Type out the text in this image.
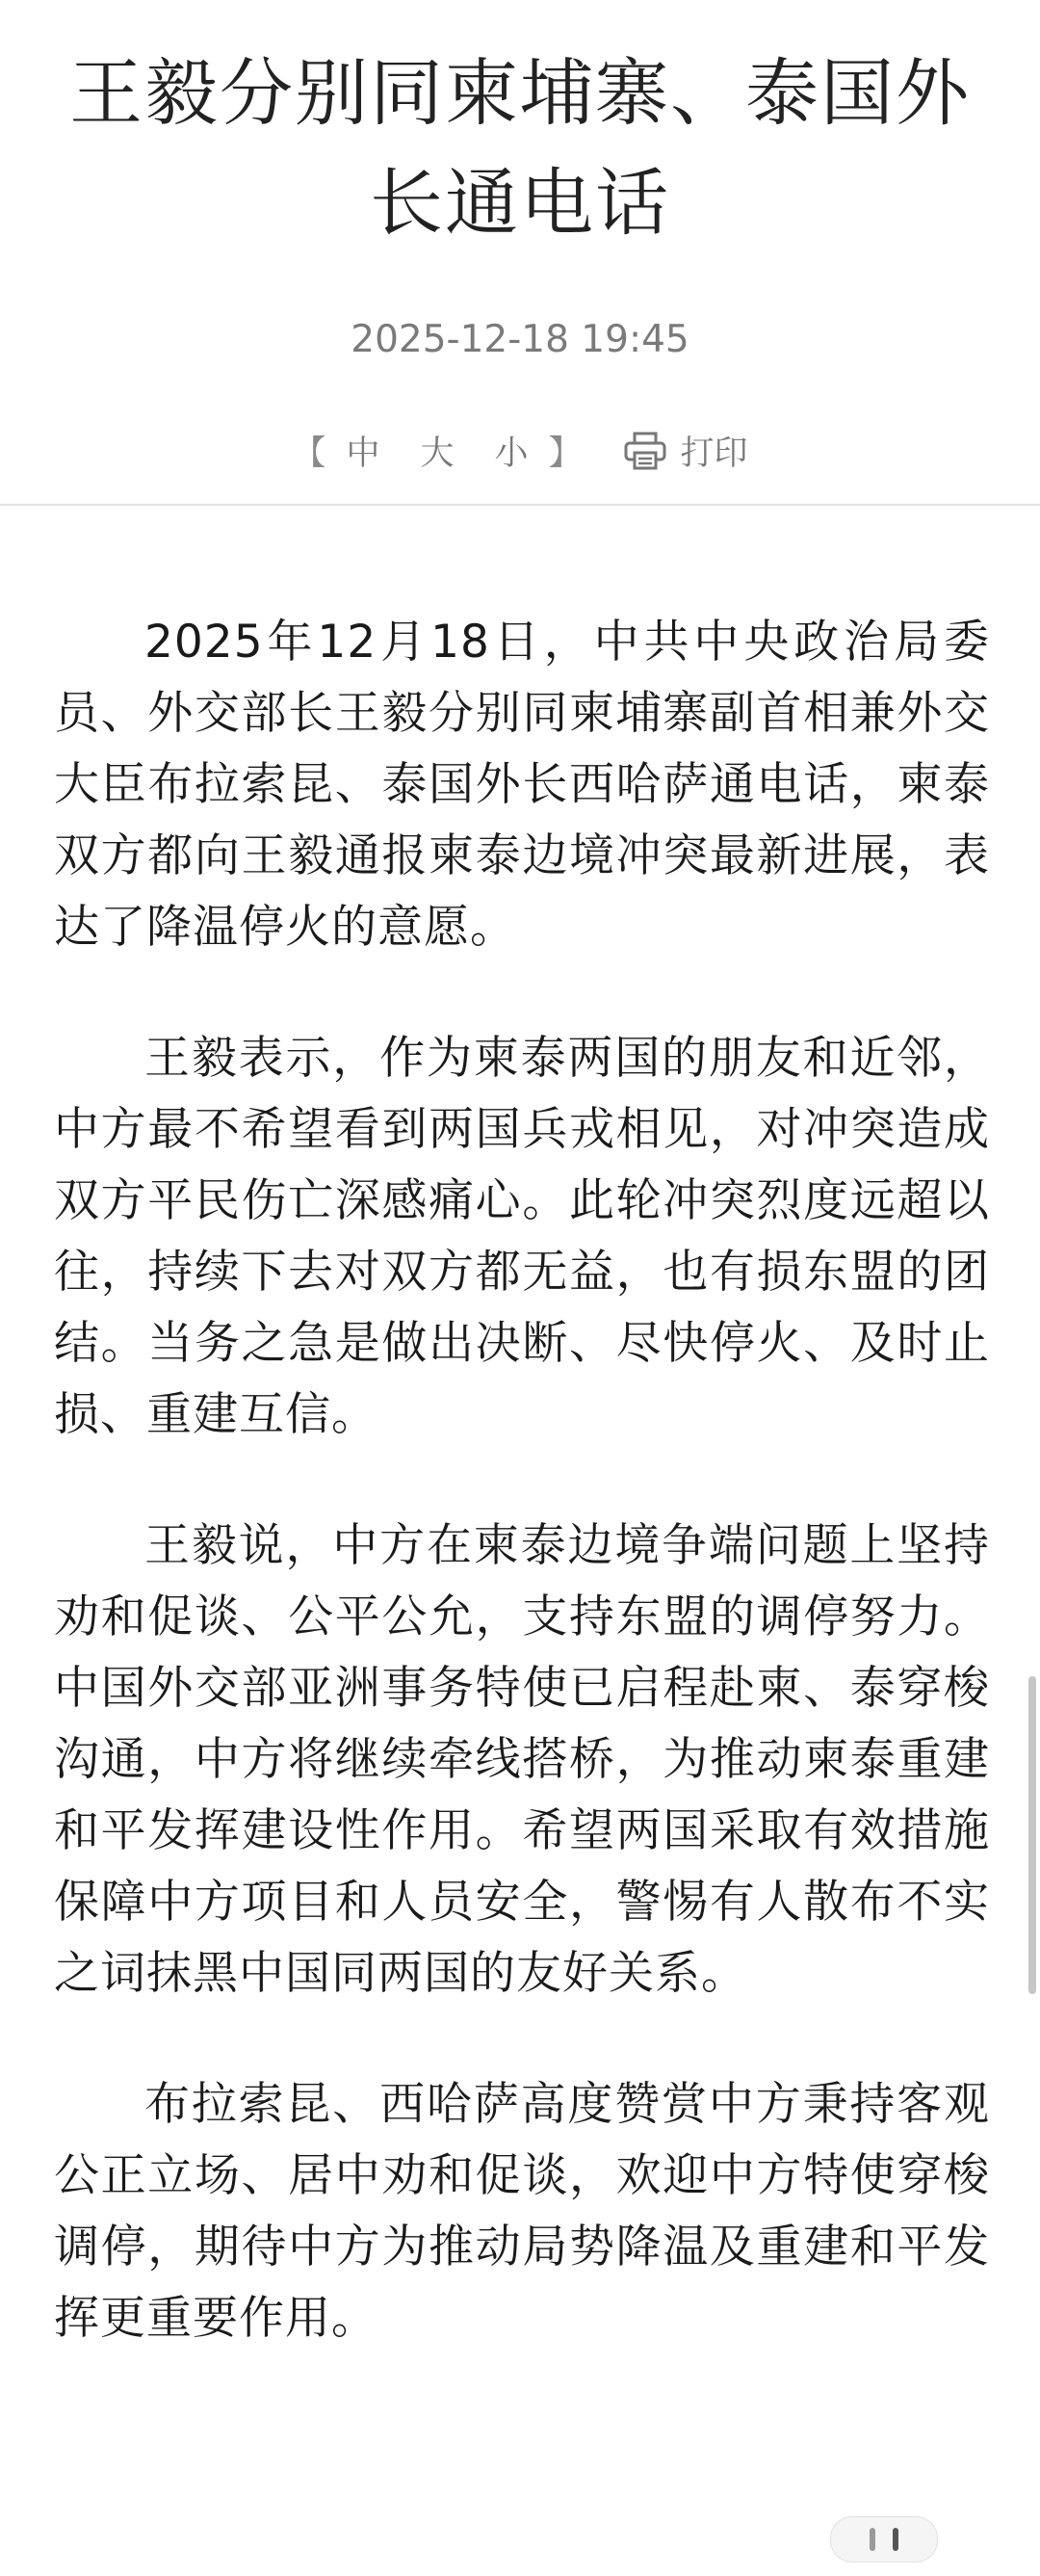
王毅分别同柬埔寨、泰国外长通电话
2025-12-18 19:45
【 中 大 小 】	打印

2025年12月18日，中共中央政治局委员、外交部长王毅分别同柬埔寨副首相兼外交大臣布拉索昆、泰国外长西哈萨通电话，柬泰双方都向王毅通报柬泰边境冲突最新进展，表达了降温停火的意愿。

王毅表示，作为柬泰两国的朋友和近邻，中方最不希望看到两国兵戎相见，对冲突造成双方平民伤亡深感痛心。此轮冲突烈度远超以往，持续下去对双方都无益，也有损东盟的团结。当务之急是做出决断、尽快停火、及时止损、重建互信。

王毅说，中方在柬泰边境争端问题上坚持劝和促谈、公平公允，支持东盟的调停努力。中国外交部亚洲事务特使已启程赴柬、泰穿梭沟通，中方将继续牵线搭桥，为推动柬泰重建和平发挥建设性作用。希望两国采取有效措施保障中方项目和人员安全，警惕有人散布不实之词抹黑中国同两国的友好关系。

布拉索昆、西哈萨高度赞赏中方秉持客观公正立场、居中劝和促谈，欢迎中方特使穿梭调停，期待中方为推动局势降温及重建和平发挥更重要作用。
